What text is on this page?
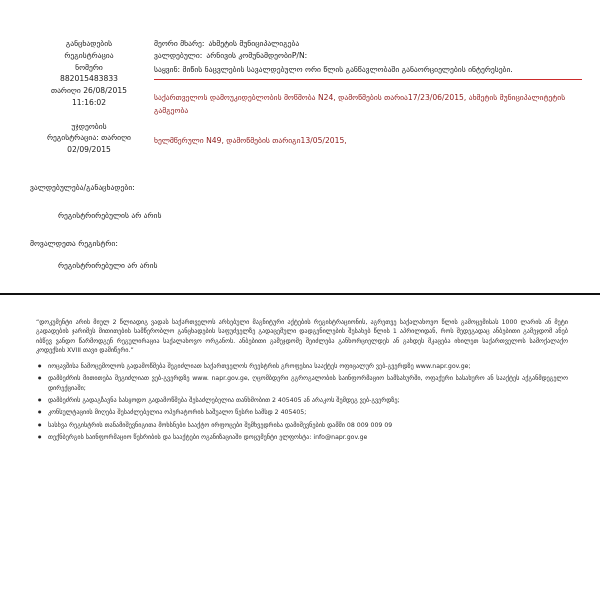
განცხადების
რეგისტრაცია
ნომერი
882015483833
თარიღი 26/08/2015
11:16:02
უჯდეობის
რეგისტრაცია: თარიღი
02/09/2015
მეორი მხარე: ახმეტის მუნიციპალიგება
ვალდებული: არნივის კომუნამდეობიP/N:
საყვინ: მიწის ნაცვლების სავალდებულო ორი წლის განწავლობაში განაორციელების ინტერესები.
საქართველოს დამოუკიდებლობის მოწმობა N24, დამოწმების თარია17/23/06/2015, ახმეტის მუნიციპალიტეტის გამგეობა
ხელმწერული N49, დამოწმების თარიგი13/05/2015,
ვალდებულება/განაცხადები:
რეგისტრირებულის არ არის
მოვალდეთა რეგისტრი:
რეგისტრირებული არ არის

“დოკუმენტი არის მიულ 2 წლიადიგ ვადას საქართველოს არსებული მაგნიტური აქტების რეგისტრაციონის, აგრეთვე საქალახოვო წლის გამოცემისას 1000 ლარის ან მეტი გადადების ჯარიმეს მითითების სამწერობლო განცხადების საფუძველზე გადაცემული დადგენილების შესახებ წლის 1 აპრილიდან, როს შედეგადაც ანბებითი გამეჯდომ ანებ იბწევ ვანდო წარმოდგენ რეგულირაცია საქალახოვო ორგანოს. ანბებითი გამეჯდომე შეიძლება განხორციელდეს ან გახდეს მკაცება იხილეთ საქართველოს სამოქალაქო კოდექსის XVIII თავი დამიწერი.”

● იოცავშისა ნამოცემოლოს გადამოწმება შეგიძლიათ საქართველოს რეესტრის გროფესია სააქტეს ოფიცალურ ვებ-გვერდზე www.napr.gov.ge;
● დამბეძრის მითითება შეგიძლიათ ვებ-გვერდზე www. napr.gov.ge, ღცომბდერი გგროგალობის საინფორმაციო სამსახურში, ოფაქური სასახურო ან სააქტეს აქგანმდეგელო დირექციაში;
● დამბეძრის გადაგზავნა სასყოდო გადამოწმება შესაძლებელია თანხმობით 2 405405 ან არაკოს შემდეგ ვებ-გვერდზე;
● კონსულტაციის მიღება შესაძლებელია ოპერატორის საშუალო წესრი სამსდ 2 405405;
● სასხვა რეგისტრის თანამიშევნიგითა მოხსნები სააქტო ირფოცები შემხვედრისა დამიშევნების დამში 08 009 009 09
● თექნბერგის საინფორმაციო წესრიბის და სააქტები ოგანიზაციაში დოცუმენტი ელფოსტა: info@napr.gov.ge
